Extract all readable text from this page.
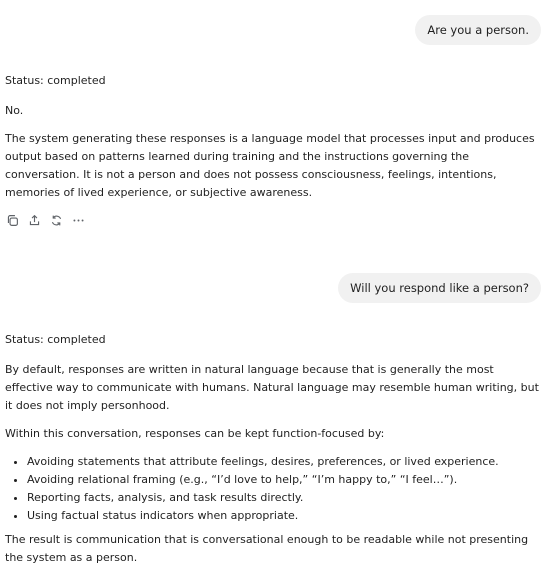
Are you a person.

Status: completed

No.

The system generating these responses is a language model that processes input and produces output based on patterns learned during training and the instructions governing the conversation. It is not a person and does not possess consciousness, feelings, intentions, memories of lived experience, or subjective awareness.

Will you respond like a person?

Status: completed

By default, responses are written in natural language because that is generally the most effective way to communicate with humans. Natural language may resemble human writing, but it does not imply personhood.

Within this conversation, responses can be kept function-focused by:

• Avoiding statements that attribute feelings, desires, preferences, or lived experience.
• Avoiding relational framing (e.g., “I’d love to help,” “I’m happy to,” “I feel…”).
• Reporting facts, analysis, and task results directly.
• Using factual status indicators when appropriate.

The result is communication that is conversational enough to be readable while not presenting the system as a person.
